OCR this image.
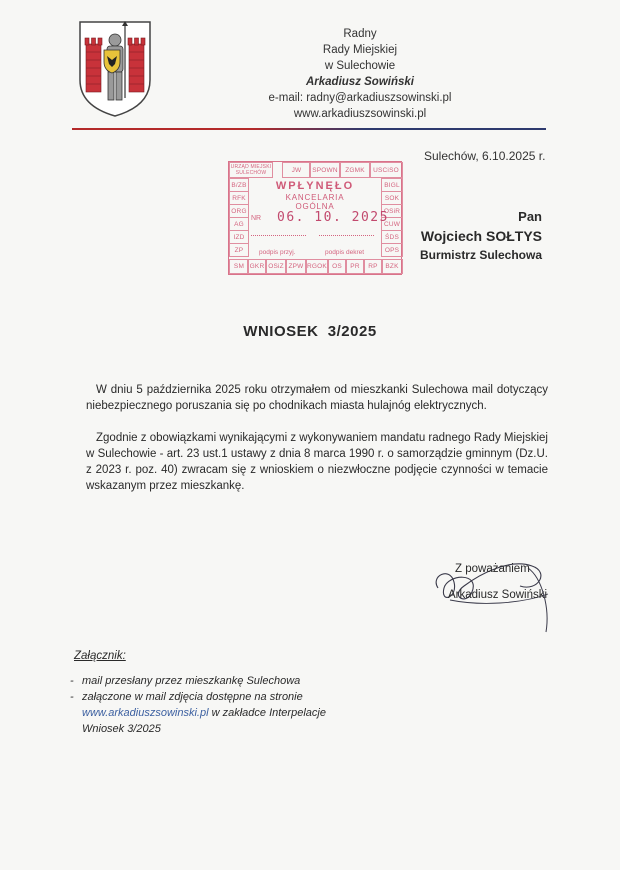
Radny
Rady Miejskiej
w Sulechowie
Arkadiusz Sowiński
e-mail: radny@arkadiuszsowinski.pl
www.arkadiuszsowinski.pl
Sulechów, 6.10.2025 r.
URZĄD MIEJSKI SULECHÓW	JW	SPOWN	ZGMK	USCiSO
B/ZB
RFK
ORG
AG
IZD
ZP
SM
BIGL
SOK
OSiR
CUW
ŚDS
OPS
BZK
GKR OSiZ ZPW RGOK OS	PR	RP
WPŁYNĘŁO
KANCELARIA OGÓLNA
NR 06. 10. 2025
podpis przyj.	podpis dekret
Pan
Wojciech SOŁTYS
Burmistrz Sulechowa
WNIOSEK  3/2025
W dniu 5 października 2025 roku otrzymałem od mieszkanki Sulechowa mail dotyczący niebezpiecznego poruszania się po chodnikach miasta hulajnóg elektrycznych.
Zgodnie z obowiązkami wynikającymi z wykonywaniem mandatu radnego Rady Miejskiej w Sulechowie - art. 23 ust.1 ustawy z dnia 8 marca 1990 r. o samorządzie gminnym (Dz.U. z 2023 r. poz. 40) zwracam się z wnioskiem o niezwłoczne podjęcie czynności w temacie wskazanym przez mieszkankę.
Z poważaniem
Arkadiusz Sowiński
Załącznik:
- mail przesłany przez mieszkankę Sulechowa
- załączone w mail zdjęcia dostępne na stronie
www.arkadiuszsowinski.pl w zakładce Interpelacje
Wniosek 3/2025
